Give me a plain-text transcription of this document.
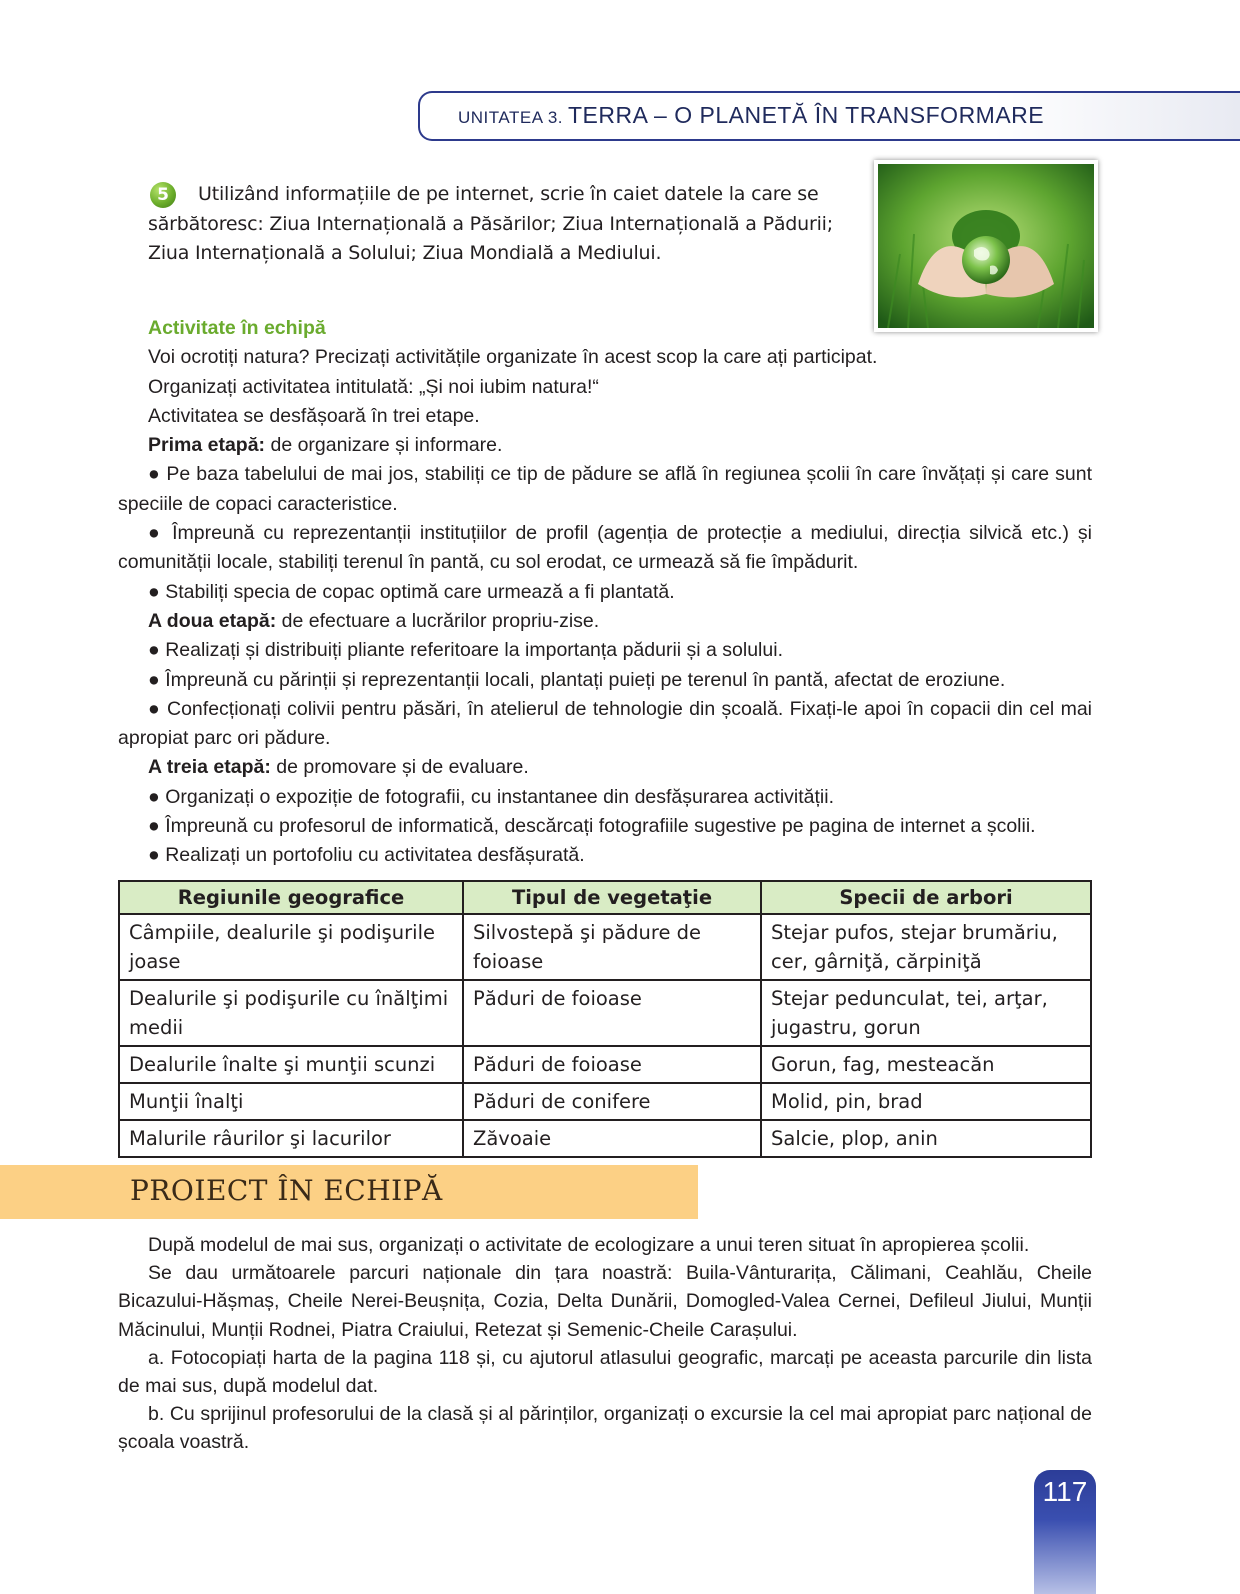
UNITATEA 3. TERRA – O PLANETĂ ÎN TRANSFORMARE
5	Utilizând informațiile de pe internet, scrie în caiet datele la care se sărbătoresc: Ziua Internațională a Păsărilor; Ziua Internațională a Pădurii; Ziua Internațională a Solului; Ziua Mondială a Mediului.

Activitate în echipă

Voi ocrotiți natura? Precizați activitățile organizate în acest scop la care ați participat.

Organizați activitatea intitulată: „Și noi iubim natura!“

Activitatea se desfășoară în trei etape.

Prima etapă: de organizare și informare.

● Pe baza tabelului de mai jos, stabiliți ce tip de pădure se află în regiunea școlii în care învățați și care sunt speciile de copaci caracteristice.

● Împreună cu reprezentanții instituțiilor de profil (agenția de protecție a mediului, direcția silvică etc.) și comunității locale, stabiliți terenul în pantă, cu sol erodat, ce urmează să fie împădurit.

● Stabiliți specia de copac optimă care urmează a fi plantată.

A doua etapă: de efectuare a lucrărilor propriu-zise.

● Realizați și distribuiți pliante referitoare la importanța pădurii și a solului.

● Împreună cu părinții și reprezentanții locali, plantați puieți pe terenul în pantă, afectat de eroziune.

● Confecționați colivii pentru păsări, în atelierul de tehnologie din școală. Fixați-le apoi în copacii din cel mai apropiat parc ori pădure.

A treia etapă: de promovare și de evaluare.

● Organizați o expoziție de fotografii, cu instantanee din desfășurarea activității.

● Împreună cu profesorul de informatică, descărcați fotografiile sugestive pe pagina de internet a școlii.

● Realizați un portofoliu cu activitatea desfășurată.

Regiunile geografice	Tipul de vegetaţie	Specii de arbori
Câmpiile, dealurile şi podişurile joase	Silvostepă şi pădure de foioase	Stejar pufos, stejar brumăriu, cer, gârniţă, cărpiniţă
Dealurile şi podişurile cu înălţimi medii	Păduri de foioase	Stejar pedunculat, tei, arţar, jugastru, gorun
Dealurile înalte şi munţii scunzi	Păduri de foioase	Gorun, fag, mesteacăn
Munţii înalţi	Păduri de conifere	Molid, pin, brad
Malurile râurilor şi lacurilor	Zăvoaie	Salcie, plop, anin
PROIECT ÎN ECHIPĂ

După modelul de mai sus, organizați o activitate de ecologizare a unui teren situat în apropierea școlii.

Se dau următoarele parcuri naționale din țara noastră: Buila-Vânturarița, Călimani, Ceahlău, Cheile Bicazului-Hășmaș, Cheile Nerei-Beușnița, Cozia, Delta Dunării, Domogled-Valea Cernei, Defileul Jiului, Munții Măcinului, Munții Rodnei, Piatra Craiului, Retezat și Semenic-Cheile Carașului.

a. Fotocopiați harta de la pagina 118 și, cu ajutorul atlasului geografic, marcați pe aceasta parcurile din lista de mai sus, după modelul dat.

b. Cu sprijinul profesorului de la clasă și al părinților, organizați o excursie la cel mai apropiat parc național de școala voastră.

117
